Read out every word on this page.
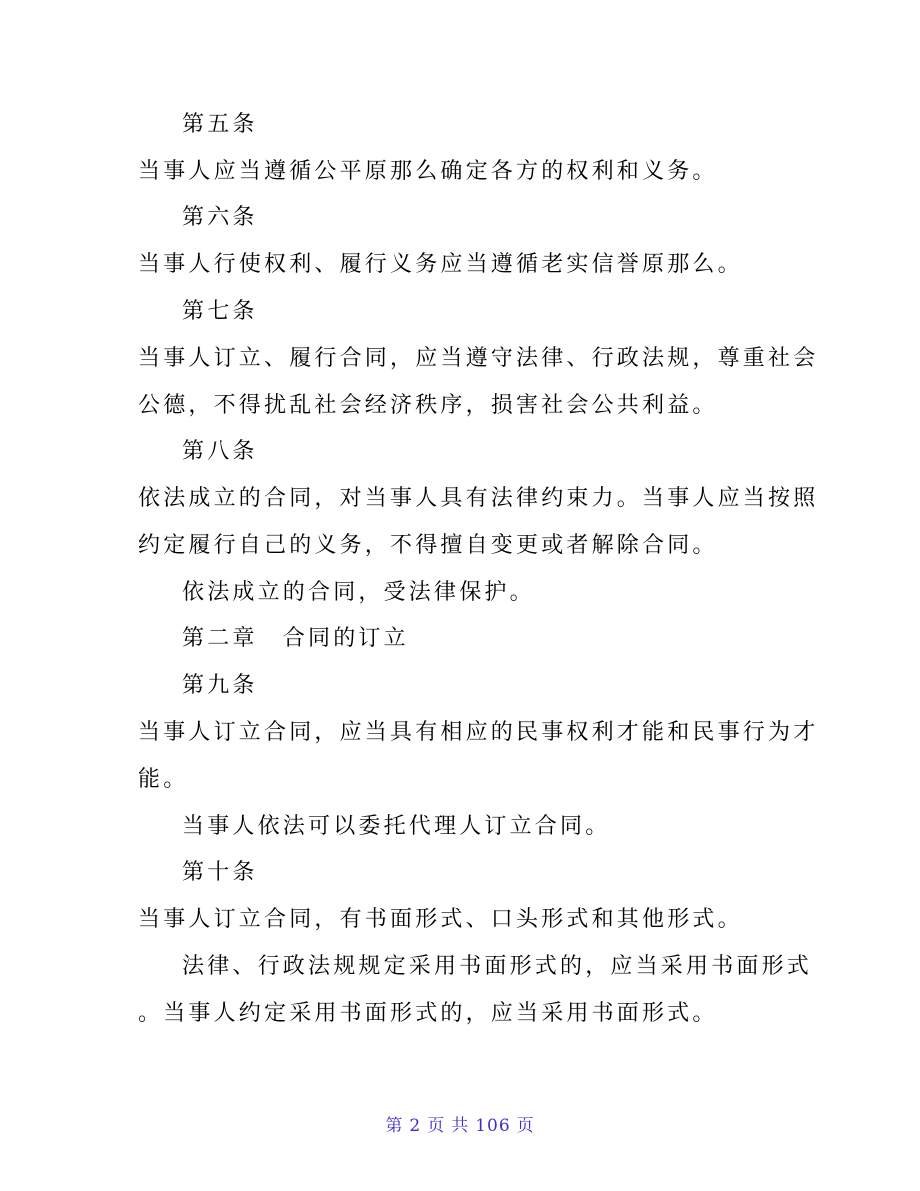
第五条
当事人应当遵循公平原那么确定各方的权利和义务。
第六条
当事人行使权利、履行义务应当遵循老实信誉原那么。
第七条
当事人订立、履行合同，应当遵守法律、行政法规，尊重社会
公德，不得扰乱社会经济秩序，损害社会公共利益。
第八条
依法成立的合同，对当事人具有法律约束力。当事人应当按照
约定履行自己的义务，不得擅自变更或者解除合同。
依法成立的合同，受法律保护。
第二章　合同的订立
第九条
当事人订立合同，应当具有相应的民事权利才能和民事行为才
能。
当事人依法可以委托代理人订立合同。
第十条
当事人订立合同，有书面形式、口头形式和其他形式。
法律、行政法规规定采用书面形式的，应当采用书面形式
。当事人约定采用书面形式的，应当采用书面形式。
第 2 页 共 106 页
